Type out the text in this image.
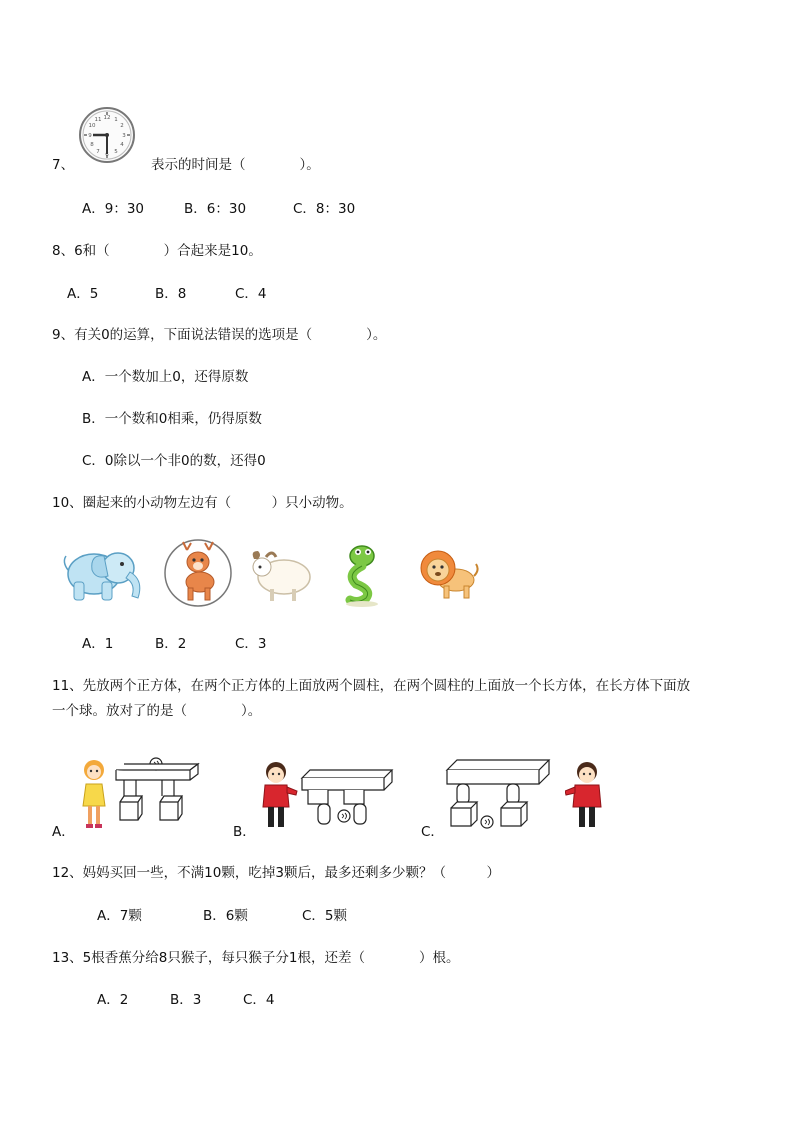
12 1
2
3
4
5
6
7
8
9
10
11
7、	表示的时间是（　　　　）。
A．9：30	B．6：30	C．8：30
8、6和（　　　　）合起来是10。
A．5	B．8	C．4
9、有关0的运算，下面说法错误的选项是（　　　　）。
A．一个数加上0，还得原数
B．一个数和0相乘，仍得原数
C．0除以一个非0的数，还得0
10、圈起来的小动物左边有（　　　）只小动物。
A．1	B．2	C．3
11、先放两个正方体，在两个正方体的上面放两个圆柱，在两个圆柱的上面放一个长方体，在长方体下面放
一个球。放对了的是（　　　　）。
A．	B．	C．
12、妈妈买回一些，不满10颗，吃掉3颗后，最多还剩多少颗？（　　　）
A．7颗	B．6颗	C．5颗
13、5根香蕉分给8只猴子，每只猴子分1根，还差（　　　　）根。
A．2	B．3	C．4
